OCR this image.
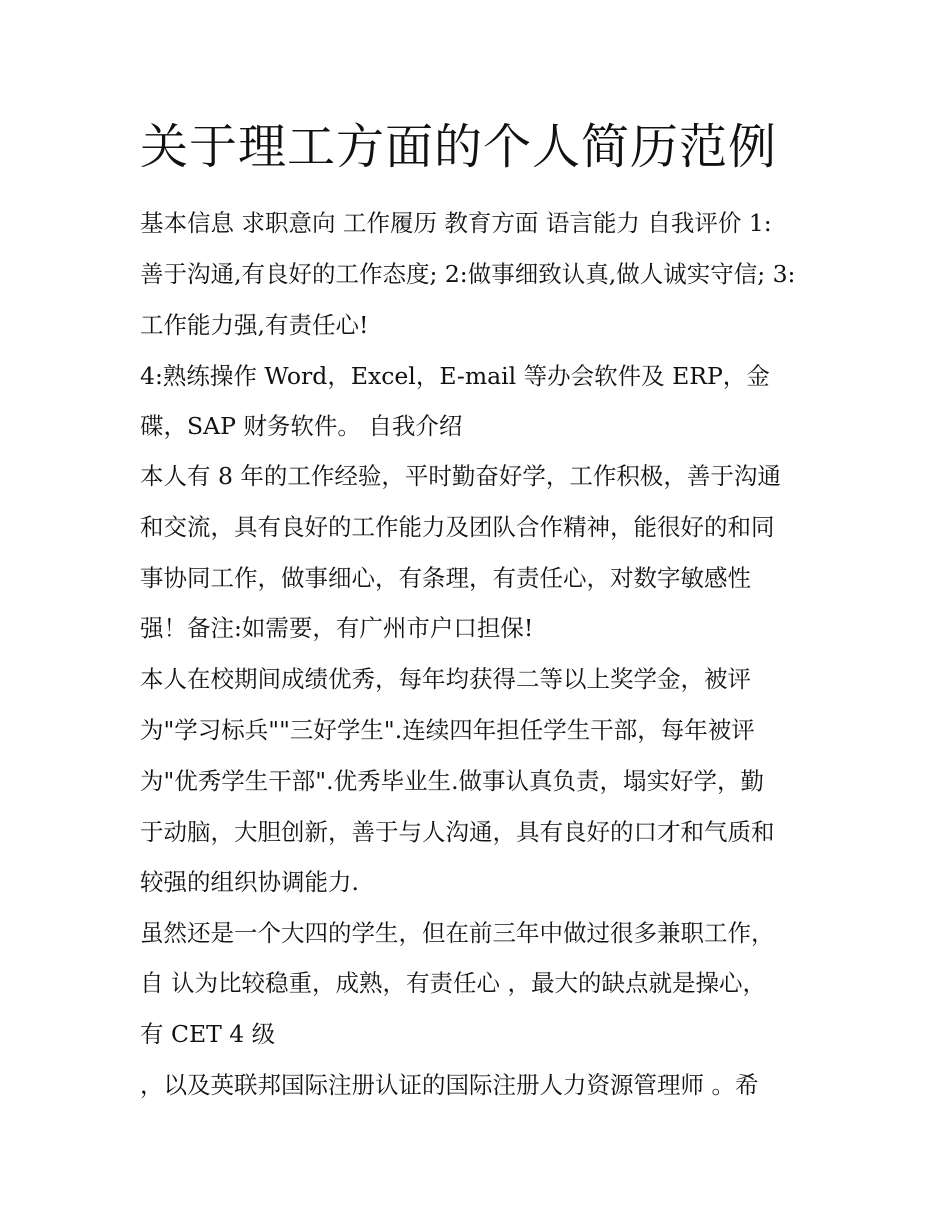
关于理工方面的个人简历范例
基本信息 求职意向 工作履历 教育方面 语言能力 自我评价 1:
善于沟通,有良好的工作态度; 2:做事细致认真,做人诚实守信; 3:
工作能力强,有责任心!
4:熟练操作 Word，Excel，E-mail 等办会软件及 ERP，金
碟，SAP 财务软件。 自我介绍
本人有 8 年的工作经验，平时勤奋好学，工作积极，善于沟通
和交流，具有良好的工作能力及团队合作精神，能很好的和同
事协同工作，做事细心，有条理，有责任心，对数字敏感性
强！备注:如需要，有广州市户口担保!
本人在校期间成绩优秀，每年均获得二等以上奖学金，被评
为"学习标兵""三好学生".连续四年担任学生干部，每年被评
为"优秀学生干部".优秀毕业生.做事认真负责，塌实好学，勤
于动脑，大胆创新，善于与人沟通，具有良好的口才和气质和
较强的组织协调能力.
虽然还是一个大四的学生，但在前三年中做过很多兼职工作，
自 认为比较稳重，成熟，有责任心 ，最大的缺点就是操心，
有 CET 4 级
，以及英联邦国际注册认证的国际注册人力资源管理师 。希
